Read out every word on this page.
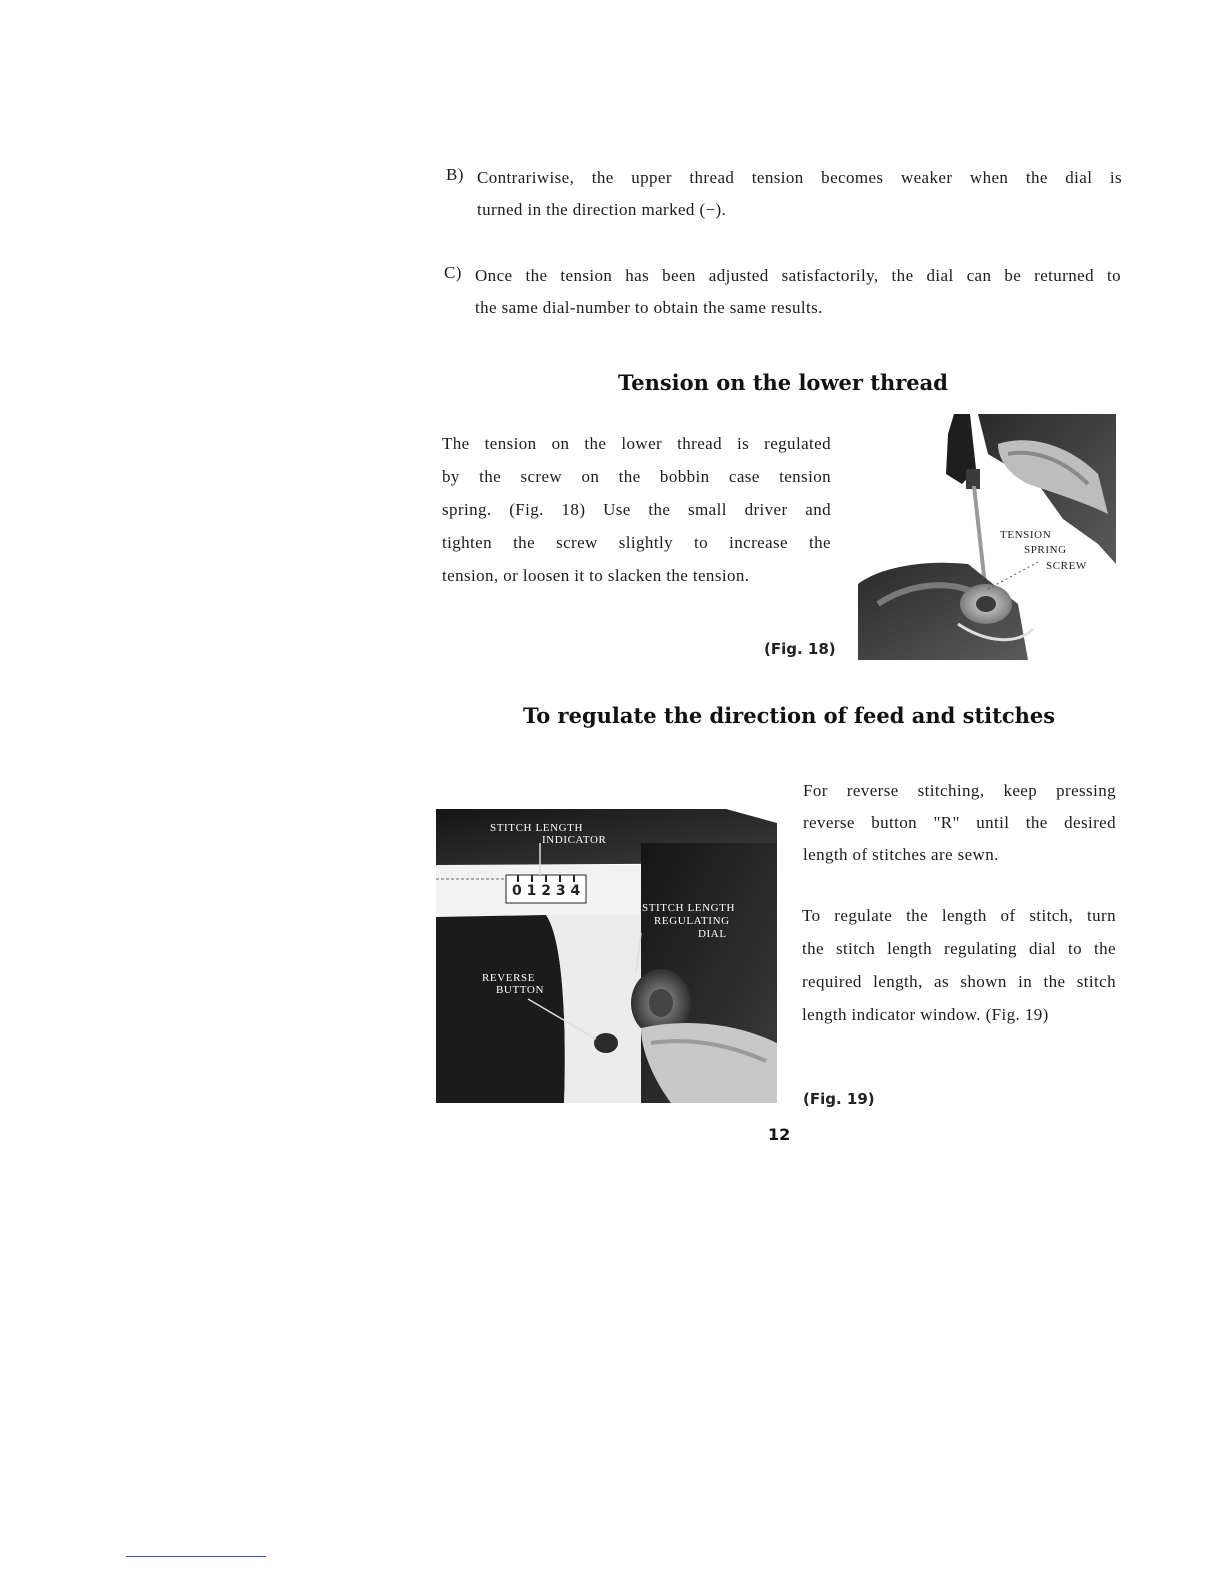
B) Contrariwise, the upper thread tension becomes weaker when the dial is
turned in the direction marked (−).
C) Once the tension has been adjusted satisfactorily, the dial can be returned to
the same dial-number to obtain the same results.
Tension on the lower thread
The tension on the lower thread is regulated
by the screw on the bobbin case tension
spring. (Fig. 18) Use the small driver and
tighten the screw slightly to increase the
tension, or loosen it to slacken the tension.
(Fig. 18)
TENSION
SPRING
SCREW
To regulate the direction of feed and stitches
For reverse stitching, keep pressing
reverse button "R" until the desired
length of stitches are sewn.
To regulate the length of stitch, turn
the stitch length regulating dial to the
required length, as shown in the stitch
length indicator window. (Fig. 19)
(Fig. 19)
STITCH LENGTH
INDICATOR
0 1 2 3 4
STITCH LENGTH
REGULATING
DIAL
REVERSE
BUTTON
12
